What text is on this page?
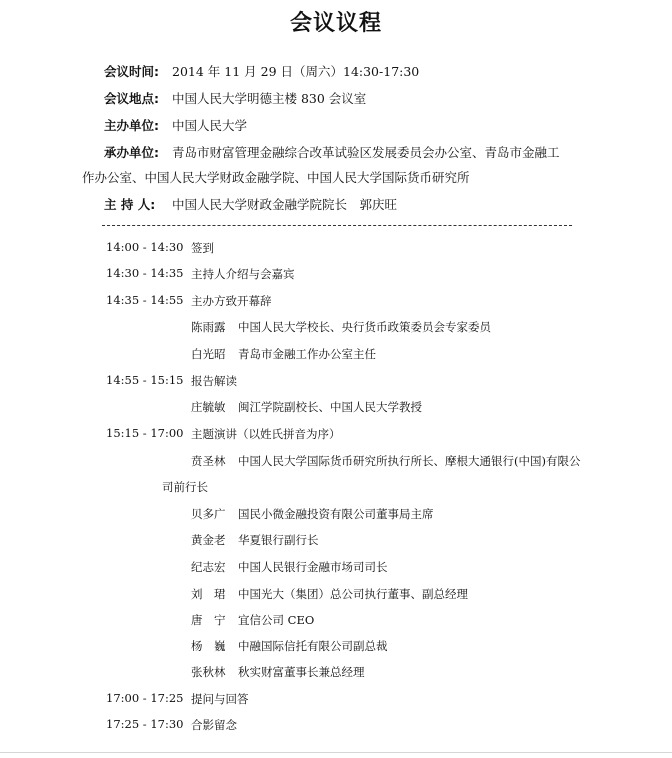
会议议程
会议时间: 2014 年 11 月 29 日（周六）14:30-17:30
会议地点: 中国人民大学明德主楼 830 会议室
主办单位: 中国人民大学
承办单位: 青岛市财富管理金融综合改革试验区发展委员会办公室、青岛市金融工
作办公室、中国人民大学财政金融学院、中国人民大学国际货币研究所
主 持 人: 中国人民大学财政金融学院院长　郭庆旺
14:00 - 14:30 签到
14:30 - 14:35 主持人介绍与会嘉宾
14:35 - 14:55 主办方致开幕辞
陈雨露 中国人民大学校长、央行货币政策委员会专家委员
白光昭 青岛市金融工作办公室主任
14:55 - 15:15 报告解读
庄毓敏 闽江学院副校长、中国人民大学教授
15:15 - 17:00 主题演讲（以姓氏拼音为序）
贲圣林 中国人民大学国际货币研究所执行所长、摩根大通银行(中国)有限公
司前行长
贝多广 国民小微金融投资有限公司董事局主席
黄金老 华夏银行副行长
纪志宏 中国人民银行金融市场司司长
刘　珺 中国光大（集团）总公司执行董事、副总经理
唐　宁 宜信公司 CEO
杨　巍 中融国际信托有限公司副总裁
张秋林 秋实财富董事长兼总经理
17:00 - 17:25 提问与回答
17:25 - 17:30 合影留念
